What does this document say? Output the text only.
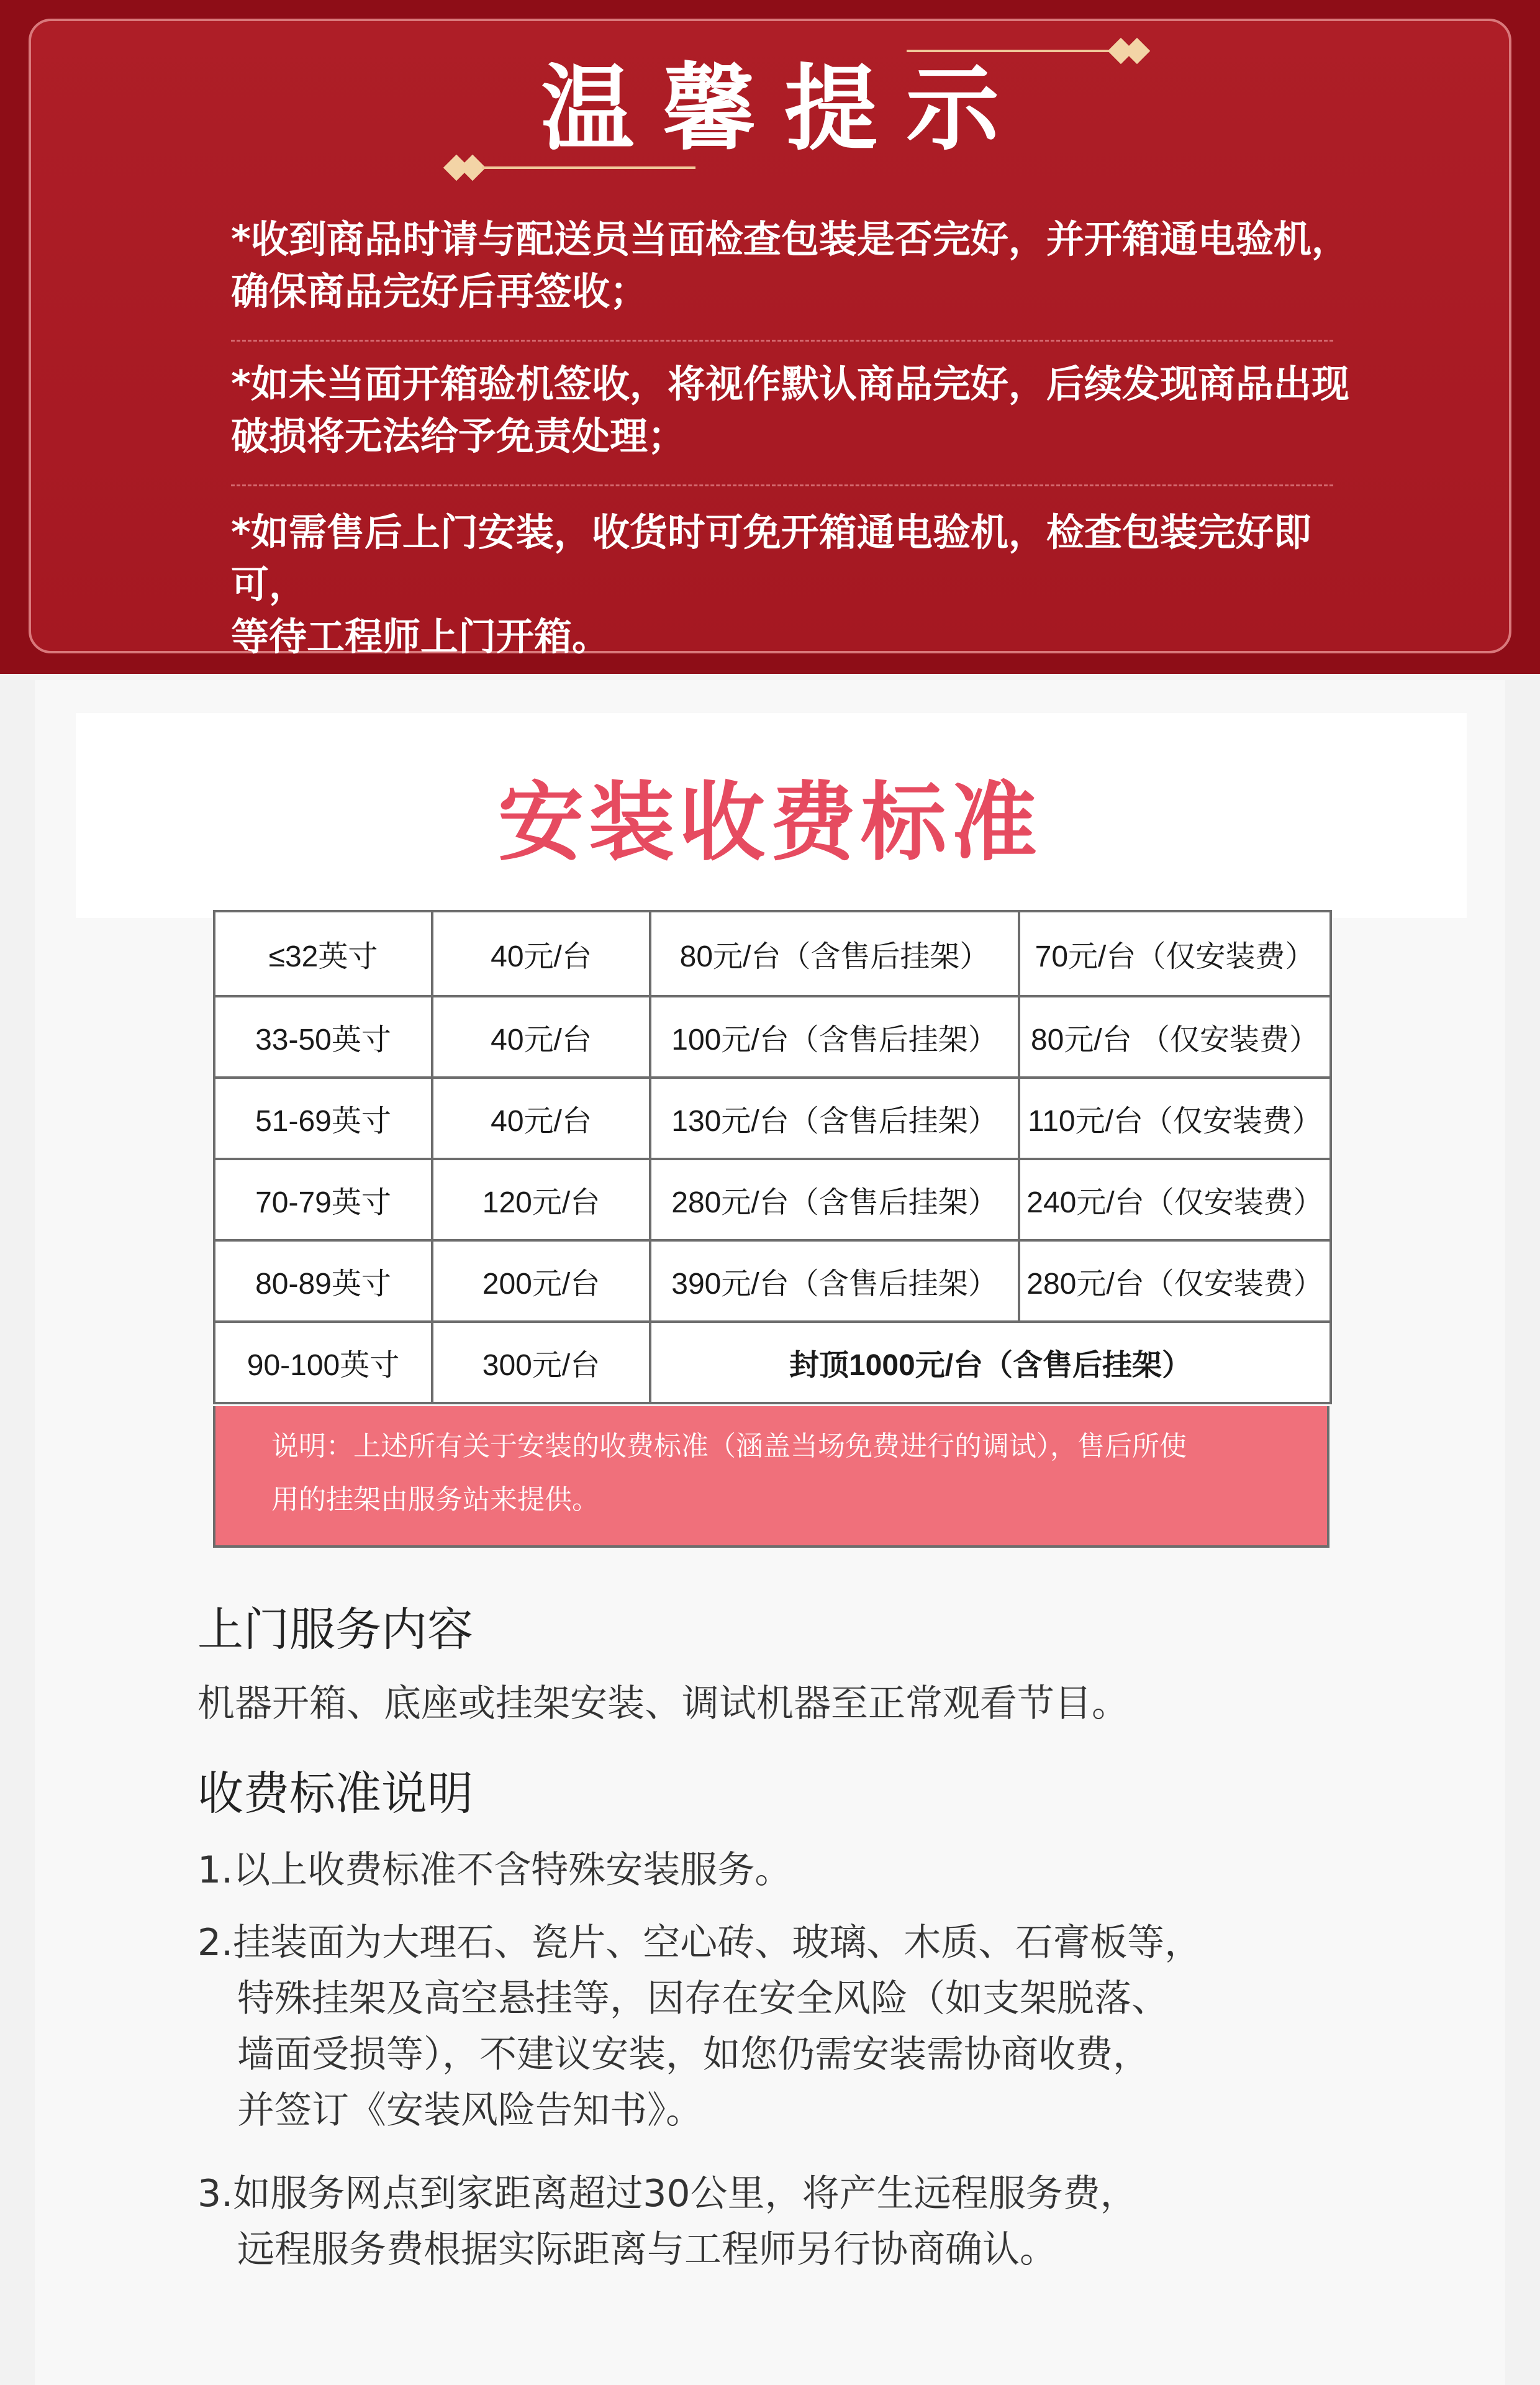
温馨提示
*收到商品时请与配送员当面检查包装是否完好，并开箱通电验机，
确保商品完好后再签收；
*如未当面开箱验机签收，将视作默认商品完好，后续发现商品出现
破损将无法给予免责处理；
*如需售后上门安装，收货时可免开箱通电验机，检查包装完好即可，
等待工程师上门开箱。
安装收费标准
≤32英寸	40元/台	80元/台（含售后挂架）	70元/台（仅安装费）
33-50英寸	40元/台	100元/台（含售后挂架）	80元/台 （仅安装费）
51-69英寸	40元/台	130元/台（含售后挂架）	110元/台（仅安装费）
70-79英寸	120元/台	280元/台（含售后挂架）	240元/台（仅安装费）
80-89英寸	200元/台	390元/台（含售后挂架）	280元/台（仅安装费）
90-100英寸	300元/台	封顶1000元/台（含售后挂架）	
说明：上述所有关于安装的收费标准（涵盖当场免费进行的调试），售后所使
用的挂架由服务站来提供。
上门服务内容
机器开箱、底座或挂架安装、调试机器至正常观看节目。
收费标准说明
1.以上收费标准不含特殊安装服务。
2.挂装面为大理石、瓷片、空心砖、玻璃、木质、石膏板等，
特殊挂架及高空悬挂等，因存在安全风险（如支架脱落、
墙面受损等），不建议安装，如您仍需安装需协商收费，
并签订《安装风险告知书》。
3.如服务网点到家距离超过30公里，将产生远程服务费，
远程服务费根据实际距离与工程师另行协商确认。
